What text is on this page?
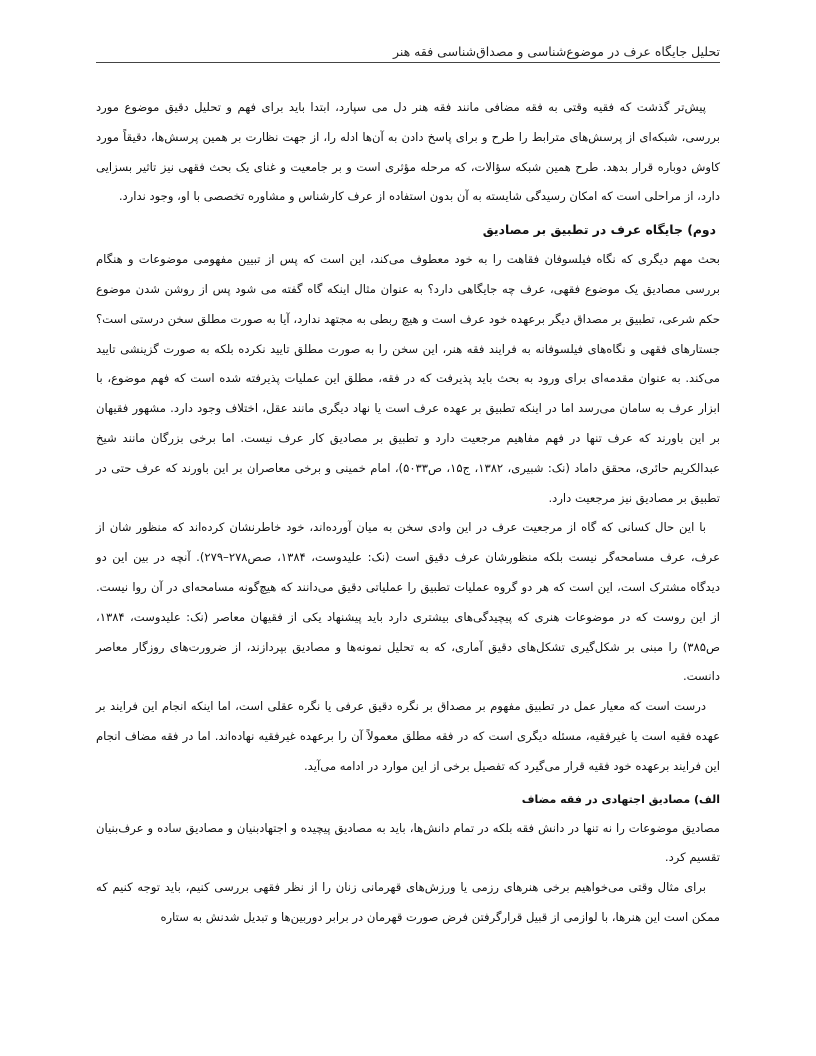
تحلیل جایگاه عرف در موضوع‌شناسی و مصداق‌شناسی فقه هنر

پیش‌تر گذشت که فقیه وقتی به فقه مضافی مانند فقه هنر دل می سپارد، ابتدا باید برای فهم و تحلیل دقیق موضوع مورد بررسی، شبکه‌ای از پرسش‌های مترابط را طرح و برای پاسخ دادن به آن‌ها ادله را، از جهت نظارت بر همین پرسش‌ها، دقیقاً مورد کاوش دوباره قرار بدهد. طرح همین شبکه سؤالات، که مرحله مؤثری است و بر جامعیت و غنای یک بحث فقهی نیز تاثیر بسزایی دارد، از مراحلی است که امکان رسیدگی شایسته به آن بدون استفاده از عرف کارشناس و مشاوره تخصصی با او، وجود ندارد.

دوم) جایگاه عرف در تطبیق بر مصادیق

بحث مهم دیگری که نگاه فیلسوفان فقاهت را به خود معطوف می‌کند، این است که پس از تبیین مفهومی موضوعات و هنگام بررسی مصادیق یک موضوع فقهی، عرف چه جایگاهی دارد؟ به عنوان مثال اینکه گاه گفته می شود پس از روشن شدن موضوع حکم شرعی، تطبیق بر مصداق دیگر برعهده خود عرف است و هیچ ربطی به مجتهد ندارد، آیا به صورت مطلق سخن درستی است؟ جستارهای فقهی و نگاه‌های فیلسوفانه به فرایند فقه هنر، این سخن را به صورت مطلق تایید نکرده بلکه به صورت گزینشی تایید می‌کند. به عنوان مقدمه‌ای برای ورود به بحث باید پذیرفت که در فقه، مطلق این عملیات پذیرفته شده است که فهم موضوع، با ابزار عرف به سامان می‌رسد اما در اینکه تطبیق بر عهده عرف است یا نهاد دیگری مانند عقل، اختلاف وجود دارد. مشهور فقیهان بر این باورند که عرف تنها در فهم مفاهیم مرجعیت دارد و تطبیق بر مصادیق کار عرف نیست. اما برخی بزرگان مانند شیخ عبدالکریم حائری، محقق داماد (نک: شبیری، ۱۳۸۲، ج۱۵، ص۵۰۳۳)، امام خمینی و برخی معاصران بر این باورند که عرف حتی در تطبیق بر مصادیق نیز مرجعیت دارد.

با این حال کسانی که گاه از مرجعیت عرف در این وادی سخن به میان آورده‌اند، خود خاطرنشان کرده‌اند که منظور شان از عرف، عرف مسامحه‌گر نیست بلکه منظورشان عرف دقیق است (نک: علیدوست، ۱۳۸۴، صص۲۷۸–۲۷۹). آنچه در بین این دو دیدگاه مشترک است، این است که هر دو گروه عملیات تطبیق را عملیاتی دقیق می‌دانند که هیچ‌گونه مسامحه‌ای در آن روا نیست. از این روست که در موضوعات هنری که پیچیدگی‌های بیشتری دارد باید پیشنهاد یکی از فقیهان معاصر (نک: علیدوست، ۱۳۸۴، ص۳۸۵) را مبنی بر شکل‌گیری تشکل‌های دقیق آماری، که به تحلیل نمونه‌ها و مصادیق بپردازند، از ضرورت‌های روزگار معاصر دانست.

درست است که معیار عمل در تطبیق مفهوم بر مصداق بر نگره دقیق عرفی یا نگره عقلی است، اما اینکه انجام این فرایند بر عهده فقیه است یا غیرفقیه، مسئله دیگری است که در فقه مطلق معمولاً آن را برعهده غیرفقیه نهاده‌اند. اما در فقه مضاف انجام این فرایند برعهده خود فقیه قرار می‌گیرد که تفصیل برخی از این موارد در ادامه می‌آید.

الف) مصادیق اجتهادی در فقه مضاف

مصادیق موضوعات را نه تنها در دانش فقه بلکه در تمام دانش‌ها، باید به مصادیق پیچیده و اجتهادبنیان و مصادیق ساده و عرف‌بنیان تقسیم کرد.

برای مثال وقتی می‌خواهیم برخی هنرهای رزمی یا ورزش‌های قهرمانی زنان را از نظر فقهی بررسی کنیم، باید توجه کنیم که ممکن است این هنرها، با لوازمی از قبیل قرارگرفتن فرض صورت قهرمان در برابر دوربین‌ها و تبدیل شدنش به ستاره
